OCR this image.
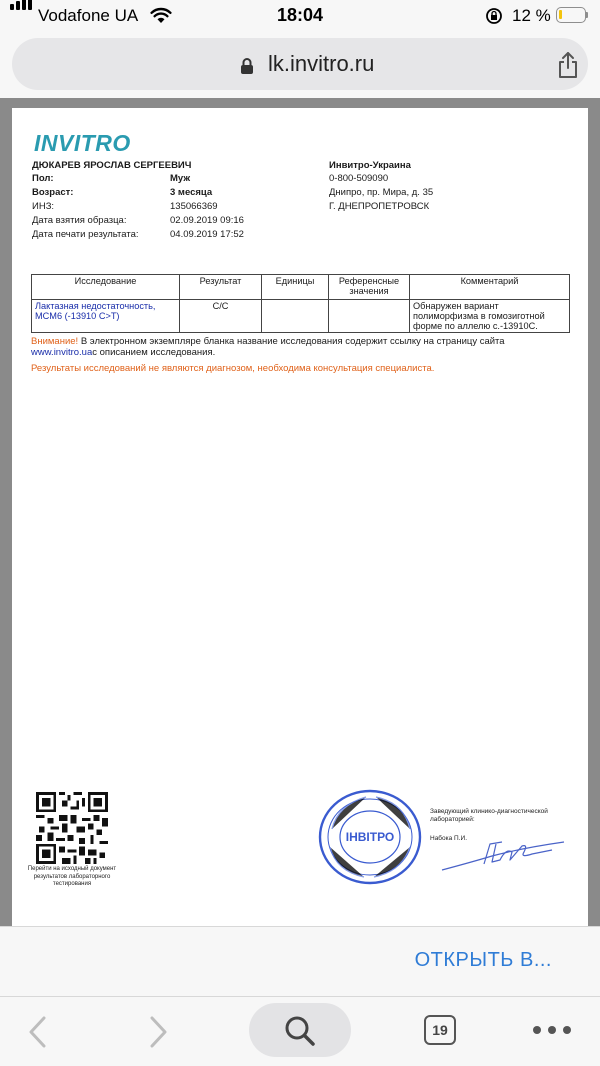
Vodafone UA	18:04	12 %
lk.invitro.ru
INVITRO
ДЮКАРЕВ ЯРОСЛАВ СЕРГЕЕВИЧ
Пол:	Муж
Возраст:	3 месяца
ИНЗ:	135066369
Дата взятия образца:	02.09.2019 09:16
Дата печати результата:	04.09.2019 17:52
Инвитро-Украина
0-800-509090
Днипро, пр. Мира, д. 35
Г. ДНЕПРОПЕТРОВСК
Исследование	Результат	Единицы	Референсные значения	Комментарий
Лактазная недостаточность, MCM6 (-13910 C>T)	C/C			Обнаружен вариант полиморфизма в гомозиготной форме по аллелю c.-13910C.
Внимание! В электронном экземпляре бланка название исследования содержит ссылку на страницу сайта
www.invitro.uaс описанием исследования.
Результаты исследований не являются диагнозом, необходима консультация специалиста.
Перейти на исходный документ результатов лабораторного тестирования
ІНВІТРО
Заведующий клинико-диагностической лабораторией:
Набока П.И.
ОТКРЫТЬ В...
19
